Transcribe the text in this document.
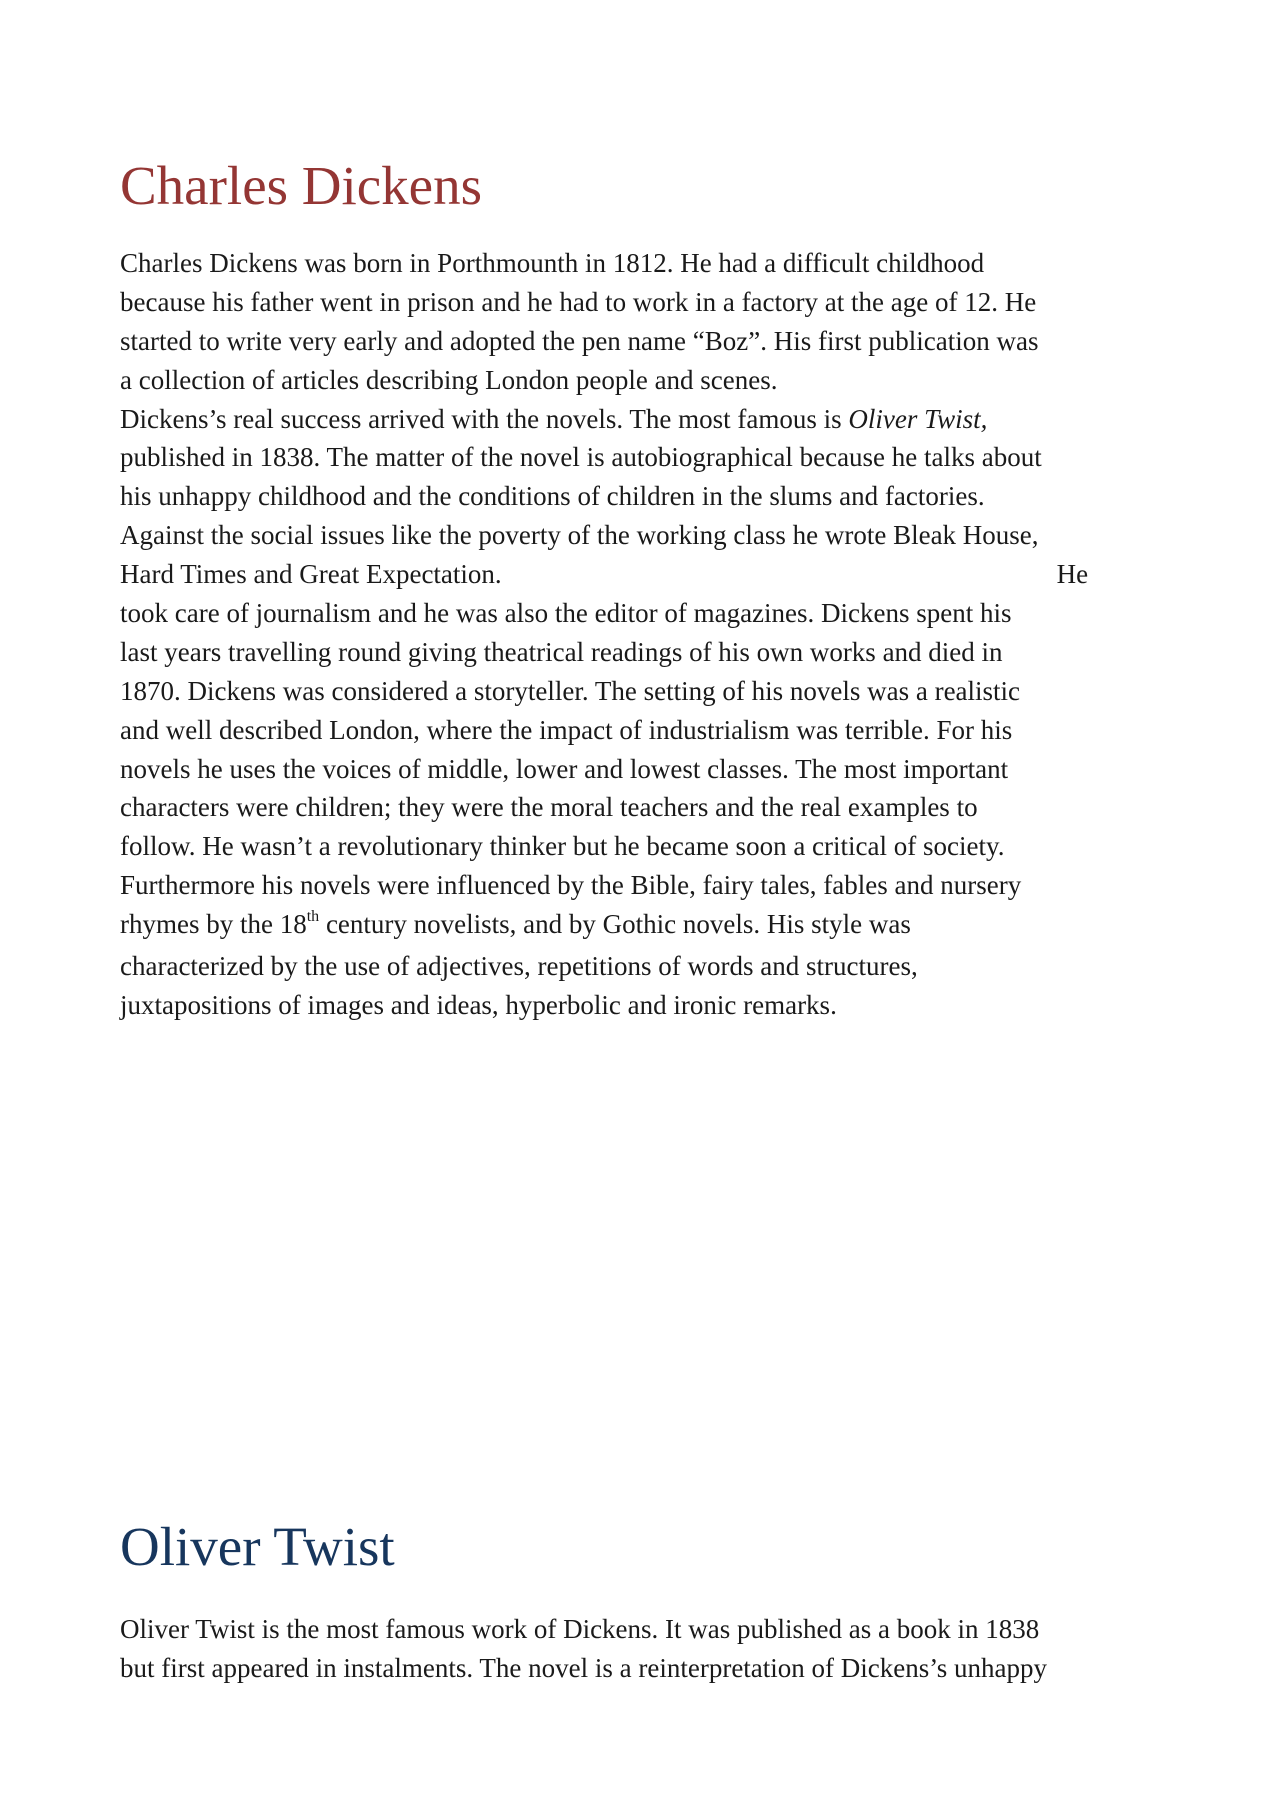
Charles Dickens
Charles Dickens was born in Porthmounth in 1812. He had a difficult childhood
because his father went in prison and he had to work in a factory at the age of 12. He
started to write very early and adopted the pen name “Boz”. His first publication was
a collection of articles describing London people and scenes.
Dickens’s real success arrived with the novels. The most famous is Oliver Twist,
published in 1838. The matter of the novel is autobiographical because he talks about
his unhappy childhood and the conditions of children in the slums and factories.
Against the social issues like the poverty of the working class he wrote Bleak House,
Hard Times and Great Expectation.	He
took care of journalism and he was also the editor of magazines. Dickens spent his
last years travelling round giving theatrical readings of his own works and died in
1870. Dickens was considered a storyteller. The setting of his novels was a realistic
and well described London, where the impact of industrialism was terrible. For his
novels he uses the voices of middle, lower and lowest classes. The most important
characters were children; they were the moral teachers and the real examples to
follow. He wasn’t a revolutionary thinker but he became soon a critical of society.
Furthermore his novels were influenced by the Bible, fairy tales, fables and nursery
rhymes by the 18th century novelists, and by Gothic novels. His style was
characterized by the use of adjectives, repetitions of words and structures,
juxtapositions of images and ideas, hyperbolic and ironic remarks.
Oliver Twist
Oliver Twist is the most famous work of Dickens. It was published as a book in 1838
but first appeared in instalments. The novel is a reinterpretation of Dickens’s unhappy
